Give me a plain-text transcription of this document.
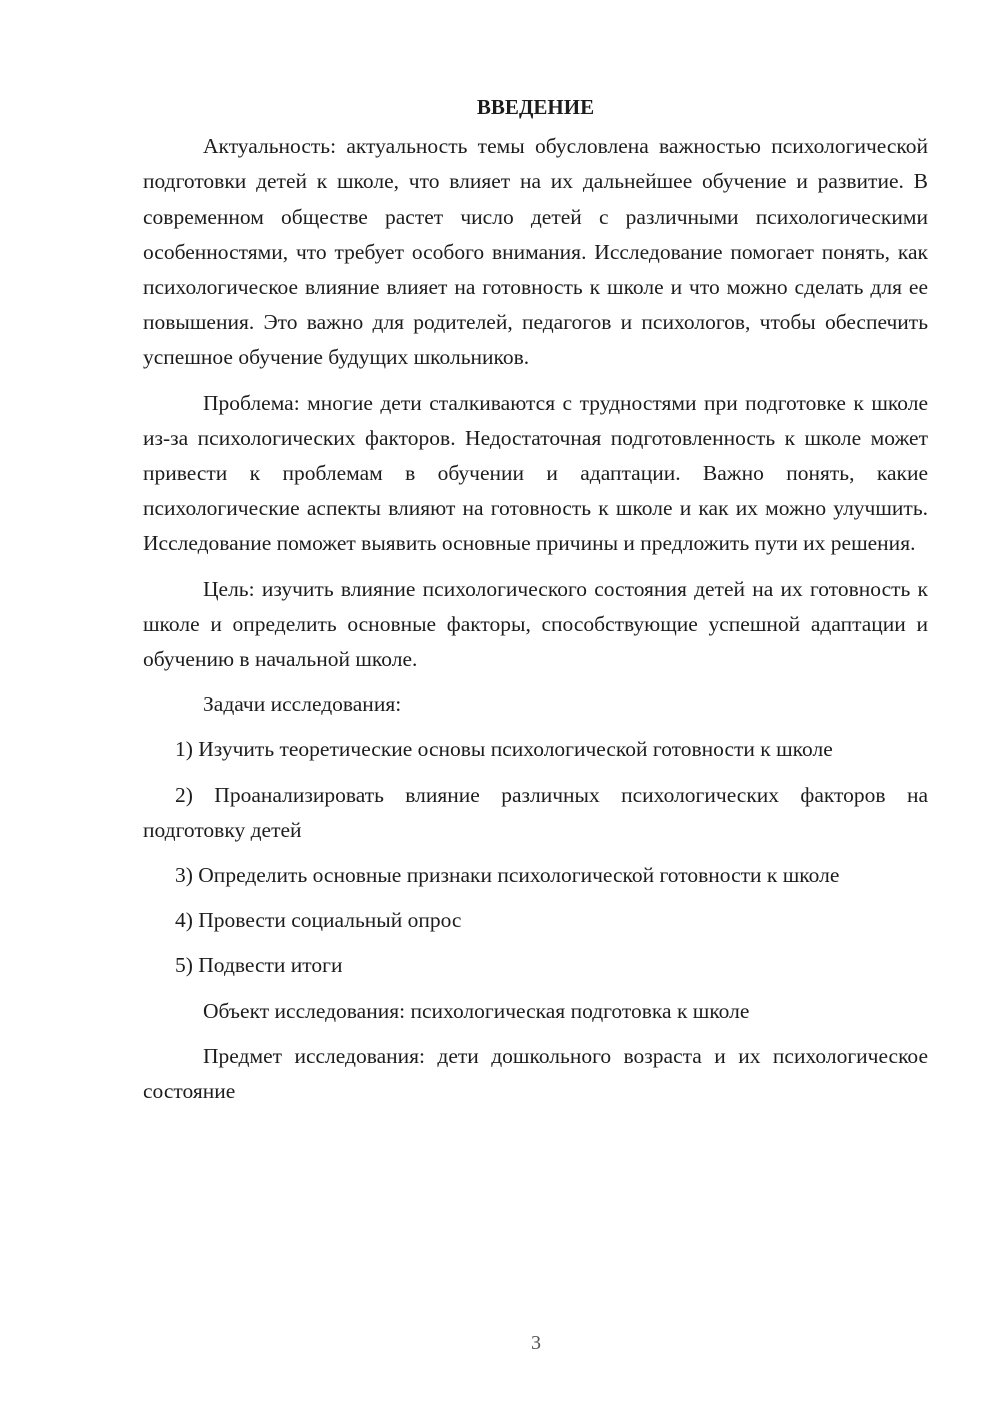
ВВЕДЕНИЕ

Актуальность: актуальность темы обусловлена важностью психологической подготовки детей к школе, что влияет на их дальнейшее обучение и развитие. В современном обществе растет число детей с различными психологическими особенностями, что требует особого внимания. Исследование помогает понять, как психологическое влияние влияет на готовность к школе и что можно сделать для ее повышения. Это важно для родителей, педагогов и психологов, чтобы обеспечить успешное обучение будущих школьников.

Проблема: многие дети сталкиваются с трудностями при подготовке к школе из-за психологических факторов. Недостаточная подготовленность к школе может привести к проблемам в обучении и адаптации. Важно понять, какие психологические аспекты влияют на готовность к школе и как их можно улучшить. Исследование поможет выявить основные причины и предложить пути их решения.

Цель: изучить влияние психологического состояния детей на их готовность к школе и определить основные факторы, способствующие успешной адаптации и обучению в начальной школе.

Задачи исследования:

1) Изучить теоретические основы психологической готовности к школе

2) Проанализировать влияние различных психологических факторов на подготовку детей

3) Определить основные признаки психологической готовности к школе

4) Провести социальный опрос

5) Подвести итоги

Объект исследования: психологическая подготовка к школе

Предмет исследования: дети дошкольного возраста и их психологическое состояние

3
